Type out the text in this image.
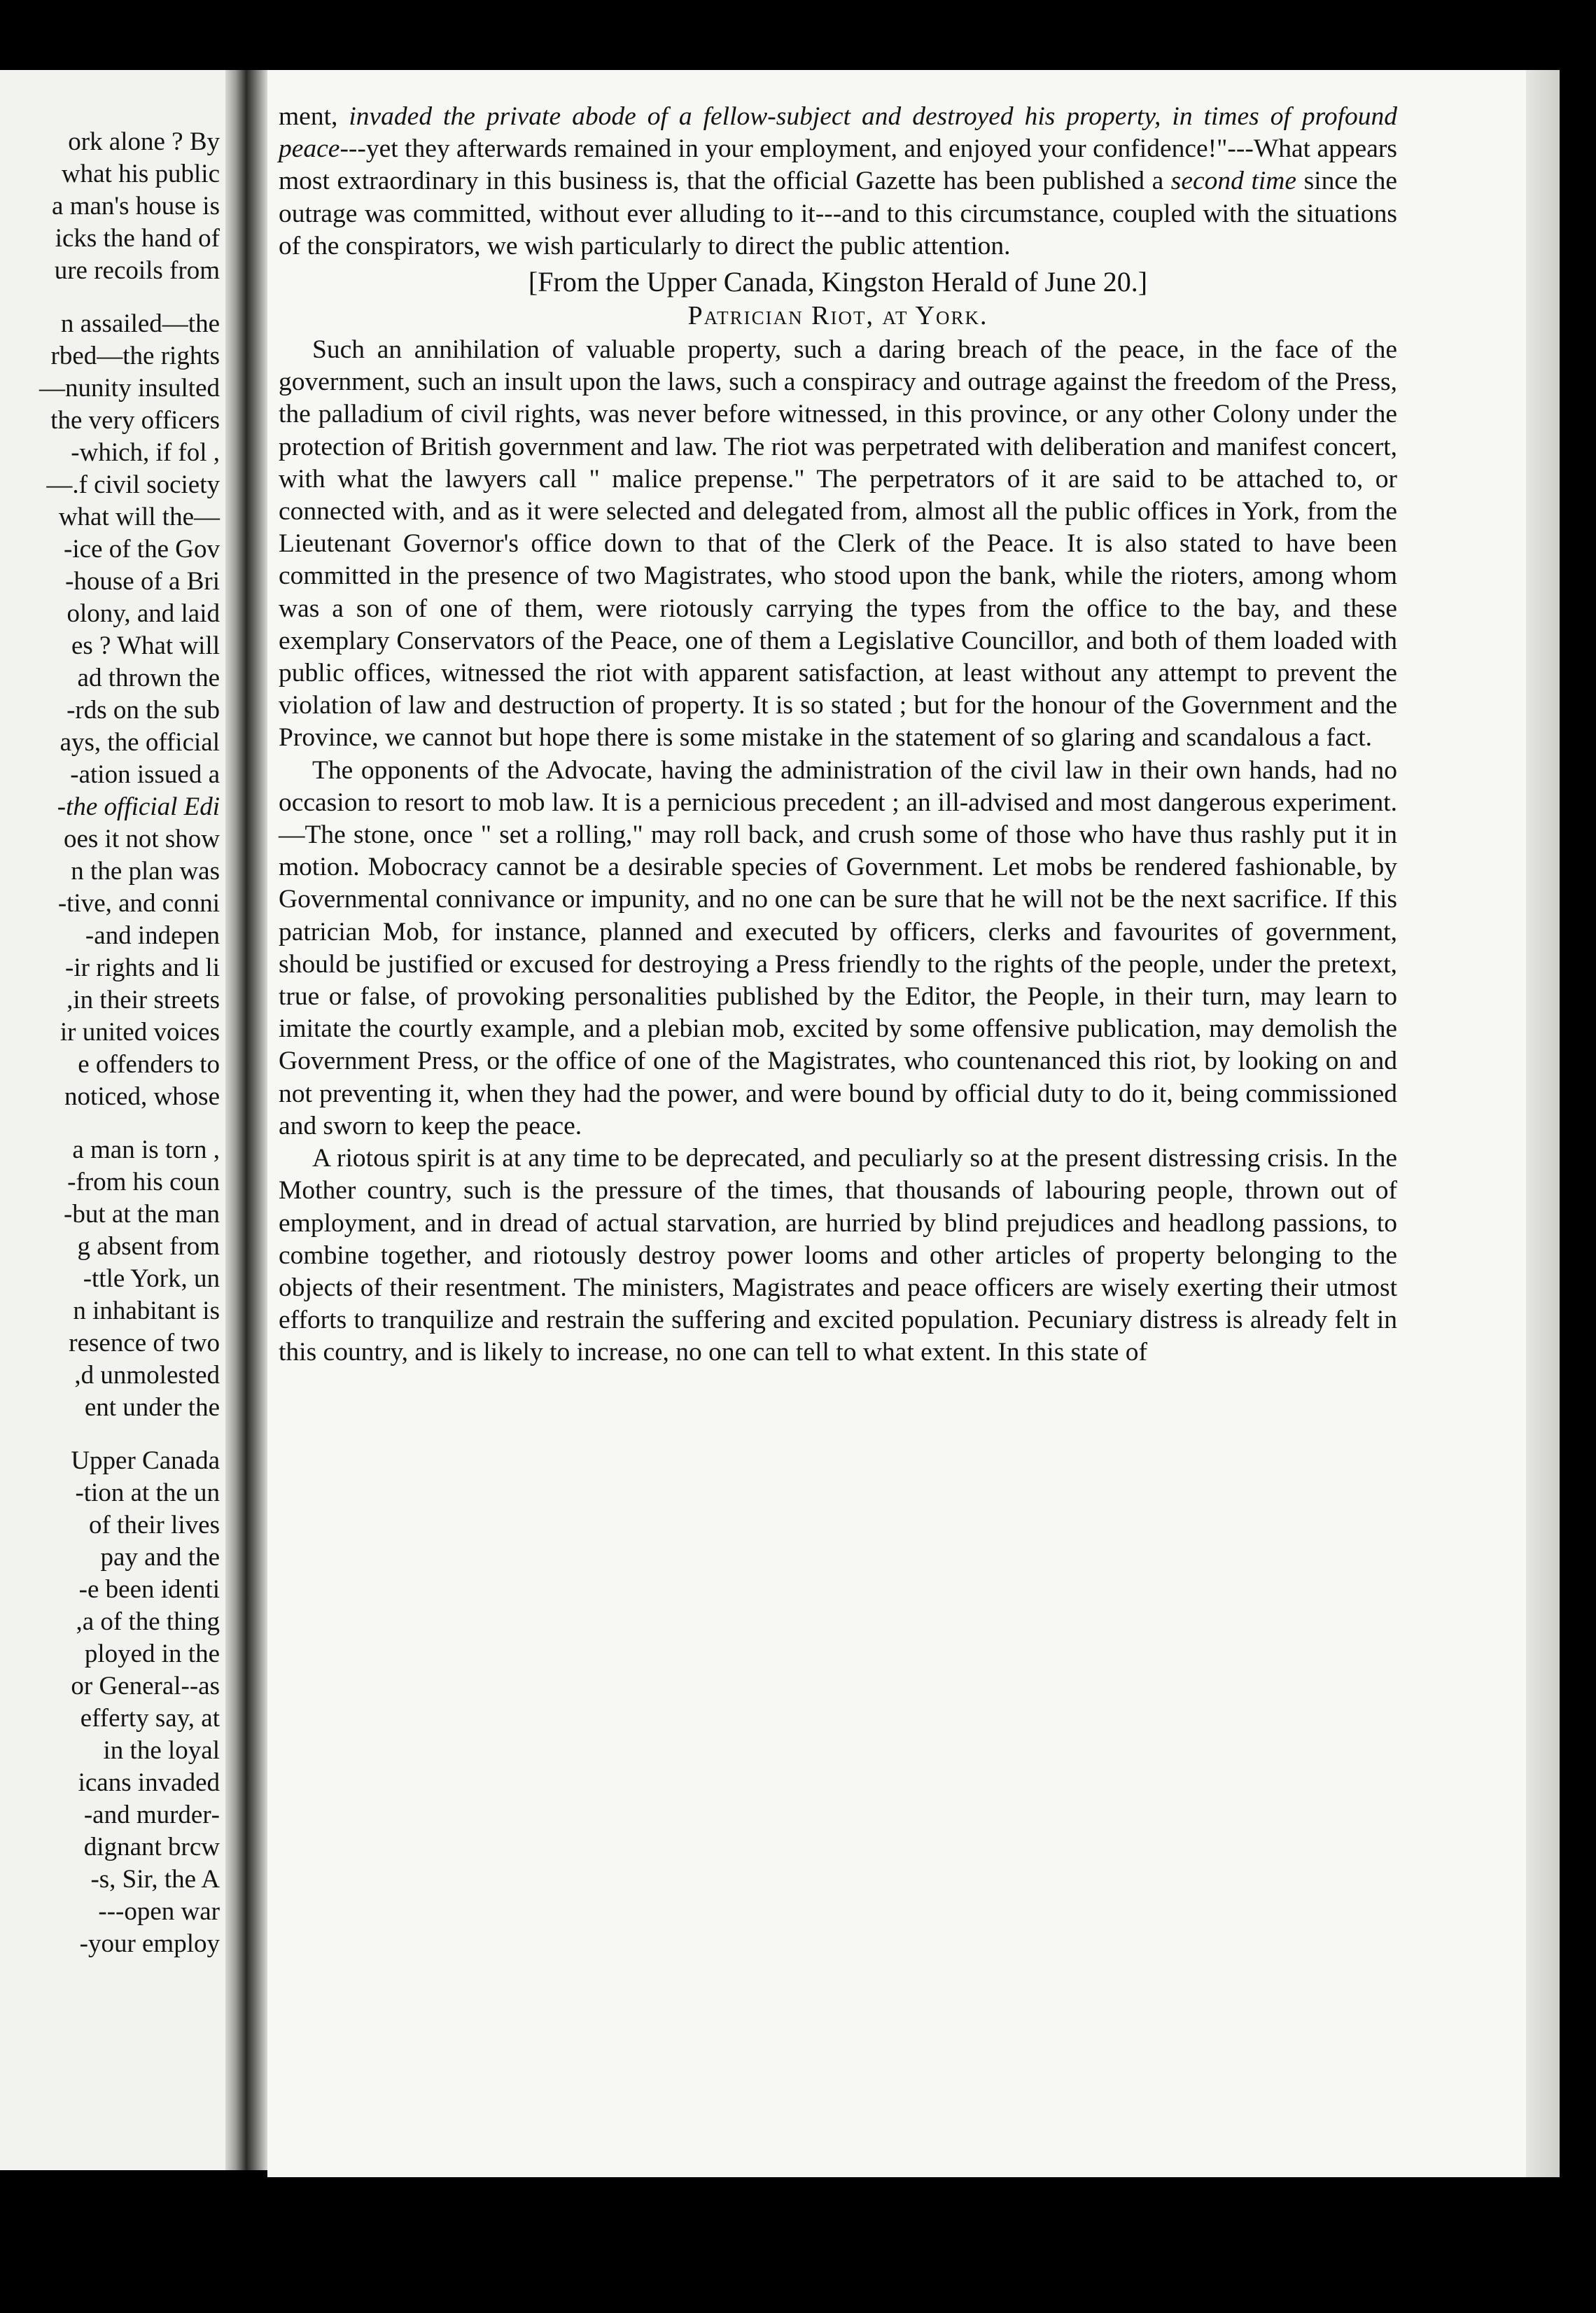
ork alone ? By
what his public
a man's house is
icks the hand of
ure recoils from
n assailed—the
rbed—the rights
nunity insulted—
the very officers
, which, if fol-
f civil society.—
—what will the
ice of the Gov-
house of a Bri-
olony, and laid
es ? What will
ad thrown the
rds on the sub-
ays, the official
ation issued a-
the official Edi-
oes it not show
n the plan was
tive, and conni-
and indepen-
ir rights and li-
in their streets,
ir united voices
e offenders to
noticed, whose
, a man is torn
from his coun-
but at the man-
g absent from
ttle York, un-
n inhabitant is
resence of two
d unmolested,
ent under the
Upper Canada
tion at the un-
of their lives
pay and the
e been identi-
a of the thing,
ployed in the
or General--as
efferty say, at
in the loyal
icans invaded
-and murder-
dignant brcw
s, Sir, the A-
open war---
your employ-

ment, invaded the private abode of a fellow-subject and destroyed his property, in times of profound peace---yet they afterwards remained in your employment, and enjoyed your confidence!"---What appears most extraordinary in this business is, that the official Gazette has been published a second time since the outrage was committed, without ever alluding to it---and to this circumstance, coupled with the situations of the conspirators, we wish particularly to direct the public attention.

[From the Upper Canada, Kingston Herald of June 20.]

Patrician Riot, at York.

Such an annihilation of valuable property, such a daring breach of the peace, in the face of the government, such an insult upon the laws, such a conspiracy and outrage against the freedom of the Press, the palladium of civil rights, was never before witnessed, in this province, or any other Colony under the protection of British government and law. The riot was perpetrated with deliberation and manifest concert, with what the lawyers call " malice prepense." The perpetrators of it are said to be attached to, or connected with, and as it were selected and delegated from, almost all the public offices in York, from the Lieutenant Governor's office down to that of the Clerk of the Peace. It is also stated to have been committed in the presence of two Magistrates, who stood upon the bank, while the rioters, among whom was a son of one of them, were riotously carrying the types from the office to the bay, and these exemplary Conservators of the Peace, one of them a Legislative Councillor, and both of them loaded with public offices, witnessed the riot with apparent satisfaction, at least without any attempt to prevent the violation of law and destruction of property. It is so stated ; but for the honour of the Government and the Province, we cannot but hope there is some mistake in the statement of so glaring and scandalous a fact.

The opponents of the Advocate, having the administration of the civil law in their own hands, had no occasion to resort to mob law. It is a pernicious precedent ; an ill-advised and most dangerous experiment.—The stone, once " set a rolling," may roll back, and crush some of those who have thus rashly put it in motion. Mobocracy cannot be a desirable species of Government. Let mobs be rendered fashionable, by Governmental connivance or impunity, and no one can be sure that he will not be the next sacrifice. If this patrician Mob, for instance, planned and executed by officers, clerks and favourites of government, should be justified or excused for destroying a Press friendly to the rights of the people, under the pretext, true or false, of provoking personalities published by the Editor, the People, in their turn, may learn to imitate the courtly example, and a plebian mob, excited by some offensive publication, may demolish the Government Press, or the office of one of the Magistrates, who countenanced this riot, by looking on and not preventing it, when they had the power, and were bound by official duty to do it, being commissioned and sworn to keep the peace.

A riotous spirit is at any time to be deprecated, and peculiarly so at the present distressing crisis. In the Mother country, such is the pressure of the times, that thousands of labouring people, thrown out of employment, and in dread of actual starvation, are hurried by blind prejudices and headlong passions, to combine together, and riotously destroy power looms and other articles of property belonging to the objects of their resentment. The ministers, Magistrates and peace officers are wisely exerting their utmost efforts to tranquilize and restrain the suffering and excited population. Pecuniary distress is already felt in this country, and is likely to increase, no one can tell to what extent. In this state of
